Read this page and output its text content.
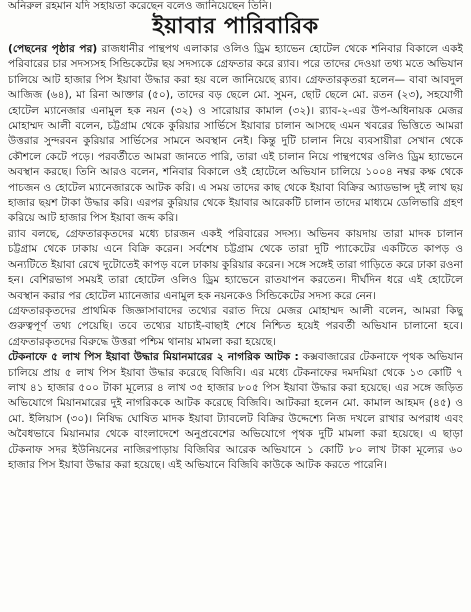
অনিরুল রহমান যদি সহায়তা করেছেন বলেও জানিয়েছেন তিনি।
ইয়াবার পারিবারিক

(পেছনের পৃষ্ঠার পর) রাজধানীর পান্থপথ এলাকার ওলিও ড্রিম হ্যাভেন হোটেল থেকে শনিবার বিকালে একই পরিবারের চার সদস্যসহ সিন্ডিকেটের ছয় সদস্যকে গ্রেফতার করে র‍্যাব। পরে তাদের দেওয়া তথ্য মতে অভিযান চালিয়ে আট হাজার পিস ইয়াবা উদ্ধার করা হয় বলে জানিয়েছে র‍্যাব। গ্রেফতারকৃতরা হলেন— বাবা আবদুল আজিজ (৬৪), মা রিনা আক্তার (৫০), তাদের বড় ছেলে মো. সুমন, ছোট ছেলে মো. রতন (২৩), সহযোগী হোটেল ম্যানেজার এনামুল হক নয়ন (৩২) ও সারোয়ার কামাল (৩২)। র‍্যাব-২-এর উপ-অধিনায়ক মেজর মোহাম্মদ আলী বলেন, চট্টগ্রাম থেকে কুরিয়ার সার্ভিসে ইয়াবার চালান আসছে এমন খবরের ভিত্তিতে আমরা উত্তরার সুন্দরবন কুরিয়ার সার্ভিসের সামনে অবস্থান নেই। কিন্তু দুটি চালান নিয়ে ব্যবসায়ীরা সেখান থেকে কৌশলে কেটে পড়ে। পরবর্তীতে আমরা জানতে পারি, তারা এই চালান নিয়ে পান্থপথের ওলিও ড্রিম হ্যাভেনে অবস্থান করছে। তিনি আরও বলেন, শনিবার বিকালে ওই হোটেলে অভিযান চালিয়ে ১০০৪ নম্বর কক্ষ থেকে পাচজন ও হোটেল ম্যানেজারকে আটক করি। এ সময় তাদের কাছ থেকে ইয়াবা বিক্রির অ্যাডভান্স দুই লাখ ছয় হাজার ছয়শ টাকা উদ্ধার করি। এরপর কুরিয়ার থেকে ইয়াবার আরেকটি চালান তাদের মাধ্যমে ডেলিভারি গ্রহণ করিয়ে আট হাজার পিস ইয়াবা জব্দ করি।

র‍্যাব বলছে, গ্রেফতারকৃতদের মধ্যে চারজন একই পরিবারের সদস্য। অভিনব কায়দায় তারা মাদক চালান চট্টগ্রাম থেকে ঢাকায় এনে বিক্রি করেন। সর্বশেষ চট্টগ্রাম থেকে তারা দুটি প্যাকেটের একটিতে কাপড় ও অন্যটিতে ইয়াবা রেখে দুটোতেই কাপড় বলে ঢাকায় কুরিয়ার করেন। সঙ্গে সঙ্গেই তারা গাড়িতে করে ঢাকা রওনা হন। বেশিরভাগ সময়ই তারা হোটেল ওলিও ড্রিম হ্যাভেনে রাতযাপন করতেন। দীর্ঘদিন ধরে এই হোটেলে অবস্থান করার পর হোটেল ম্যানেজার এনামুল হক নয়নকেও সিন্ডিকেটের সদস্য করে নেন।

গ্রেফতারকৃতদের প্রাথমিক জিজ্ঞাসাবাদের তথ্যের বরাত দিয়ে মেজর মোহাম্মদ আলী বলেন, আমরা কিছু গুরুত্বপূর্ণ তথ্য পেয়েছি। তবে তথ্যের যাচাই-বাছাই শেষে নিশ্চিত হয়েই পরবর্তী অভিযান চালানো হবে। গ্রেফতারকৃতদের বিরুদ্ধে উত্তরা পশ্চিম থানায় মামলা করা হয়েছে।

টেকনাফে ৫ লাখ পিস ইয়াবা উদ্ধার মিয়ানমারের ২ নাগরিক আটক : কক্সবাজারের টেকনাফে পৃথক অভিযান চালিয়ে প্রায় ৫ লাখ পিস ইয়াবা উদ্ধার করেছে বিজিবি। এর মধ্যে টেকনাফের দমদমিয়া থেকে ১৩ কোটি ৭ লাখ ৪১ হাজার ৫০০ টাকা মূল্যের ৪ লাখ ৩৫ হাজার ৮০৫ পিস ইয়াবা উদ্ধার করা হয়েছে। এর সঙ্গে জড়িত অভিযোগে মিয়ানমারের দুই নাগরিককে আটক করেছে বিজিবি। আটকরা হলেন মো. কামাল আহমদ (৪৫) ও মো. ইলিয়াস (৩০)। নিষিদ্ধ ঘোষিত মাদক ইয়াবা ট্যাবলেট বিক্রির উদ্দেশ্যে নিজ দখলে রাখার অপরাধ এবং অবৈধভাবে মিয়ানমার থেকে বাংলাদেশে অনুপ্রবেশের অভিযোগে পৃথক দুটি মামলা করা হয়েছে। এ ছাড়া টেকনাফ সদর ইউনিয়নের নাজিরপাড়ায় বিজিবির আরেক অভিযানে ১ কোটি ৮০ লাখ টাকা মূল্যের ৬০ হাজার পিস ইয়াবা উদ্ধার করা হয়েছে। এই অভিযানে বিজিবি কাউকে আটক করতে পারেনি।
